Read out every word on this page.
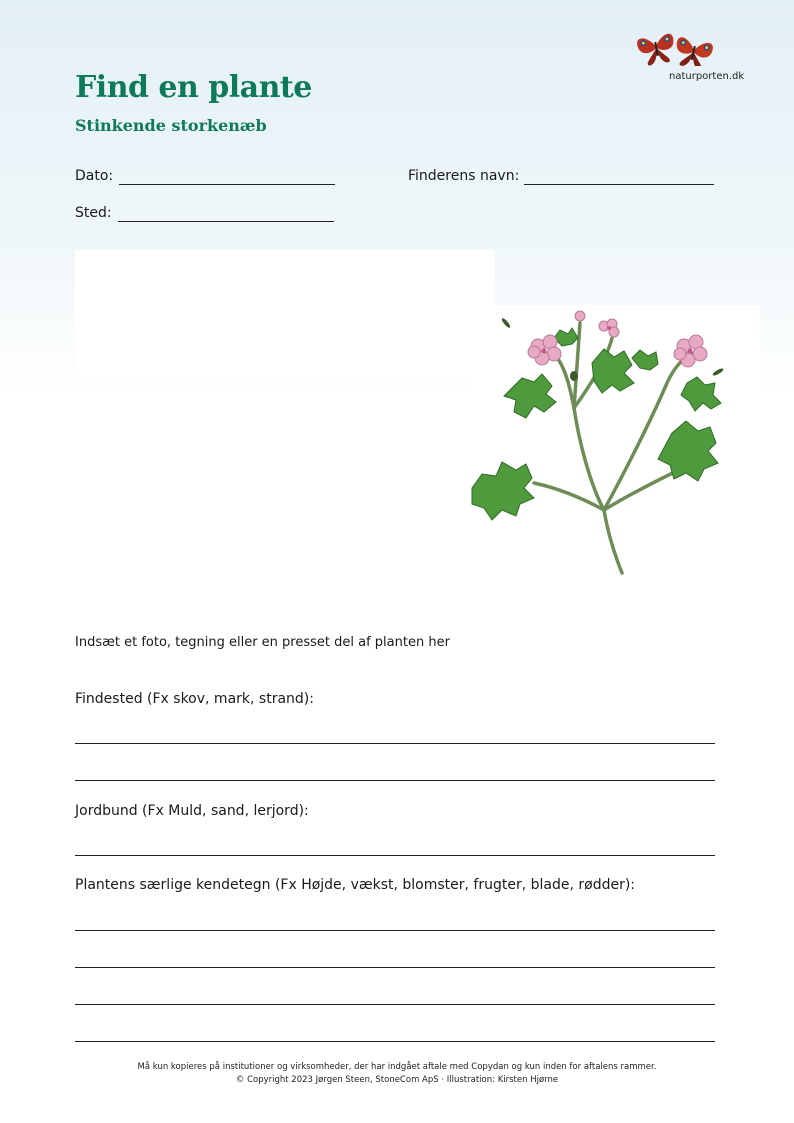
naturporten.dk
Find en plante
Stinkende storkenæb
Dato:	Finderens navn:
Sted:
Indsæt et foto, tegning eller en presset del af planten her
Findested (Fx skov, mark, strand):
Jordbund (Fx Muld, sand, lerjord):
Plantens særlige kendetegn (Fx Højde, vækst, blomster, frugter, blade, rødder):
Må kun kopieres på institutioner og virksomheder, der har indgået aftale med Copydan og kun inden for aftalens rammer.
© Copyright 2023 Jørgen Steen, StoneCom ApS · Illustration: Kirsten Hjørne
